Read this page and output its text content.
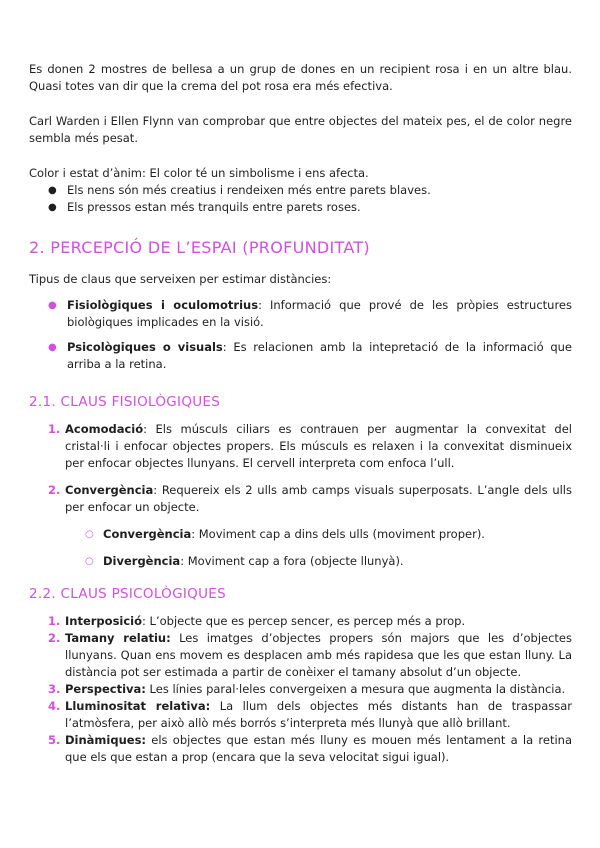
Es donen 2 mostres de bellesa a un grup de dones en un recipient rosa i en un altre blau. Quasi totes van dir que la crema del pot rosa era més efectiva.

Carl Warden i Ellen Flynn van comprobar que entre objectes del mateix pes, el de color negre sembla més pesat.

Color i estat d’ànim: El color té un simbolisme i ens afecta.

● Els nens són més creatius i rendeixen més entre parets blaves.
● Els pressos estan més tranquils entre parets roses.
2. PERCEPCIÓ DE L’ESPAI (PROFUNDITAT)

Tipus de claus que serveixen per estimar distàncies:

● Fisiològiques i oculomotrius: Informació que prové de les pròpies estructures biològiques implicades en la visió.
● Psicològiques o visuals: Es relacionen amb la intepretació de la informació que arriba a la retina.
2.1. CLAUS FISIOLÒGIQUES
1. Acomodació: Els músculs ciliars es contrauen per augmentar la convexitat del cristal·li i enfocar objectes propers. Els músculs es relaxen i la convexitat disminueix per enfocar objectes llunyans. El cervell interpreta com enfoca l’ull.
2. Convergència: Requereix els 2 ulls amb camps visuals superposats. L’angle dels ulls per enfocar un objecte.
○ Convergència: Moviment cap a dins dels ulls (moviment proper).
○ Divergència: Moviment cap a fora (objecte llunyà).
2.2. CLAUS PSICOLÒGIQUES
1. Interposició: L’objecte que es percep sencer, es percep més a prop.
2. Tamany relatiu: Les imatges d’objectes propers són majors que les d’objectes llunyans. Quan ens movem es desplacen amb més rapidesa que les que estan lluny. La distància pot ser estimada a partir de conèixer el tamany absolut d’un objecte.
3. Perspectiva: Les línies paral·leles convergeixen a mesura que augmenta la distància.
4. Lluminositat relativa: La llum dels objectes més distants han de traspassar l’atmòsfera, per això allò més borrós s’interpreta més llunyà que allò brillant.
5. Dinàmiques: els objectes que estan més lluny es mouen més lentament a la retina que els que estan a prop (encara que la seva velocitat sigui igual).
